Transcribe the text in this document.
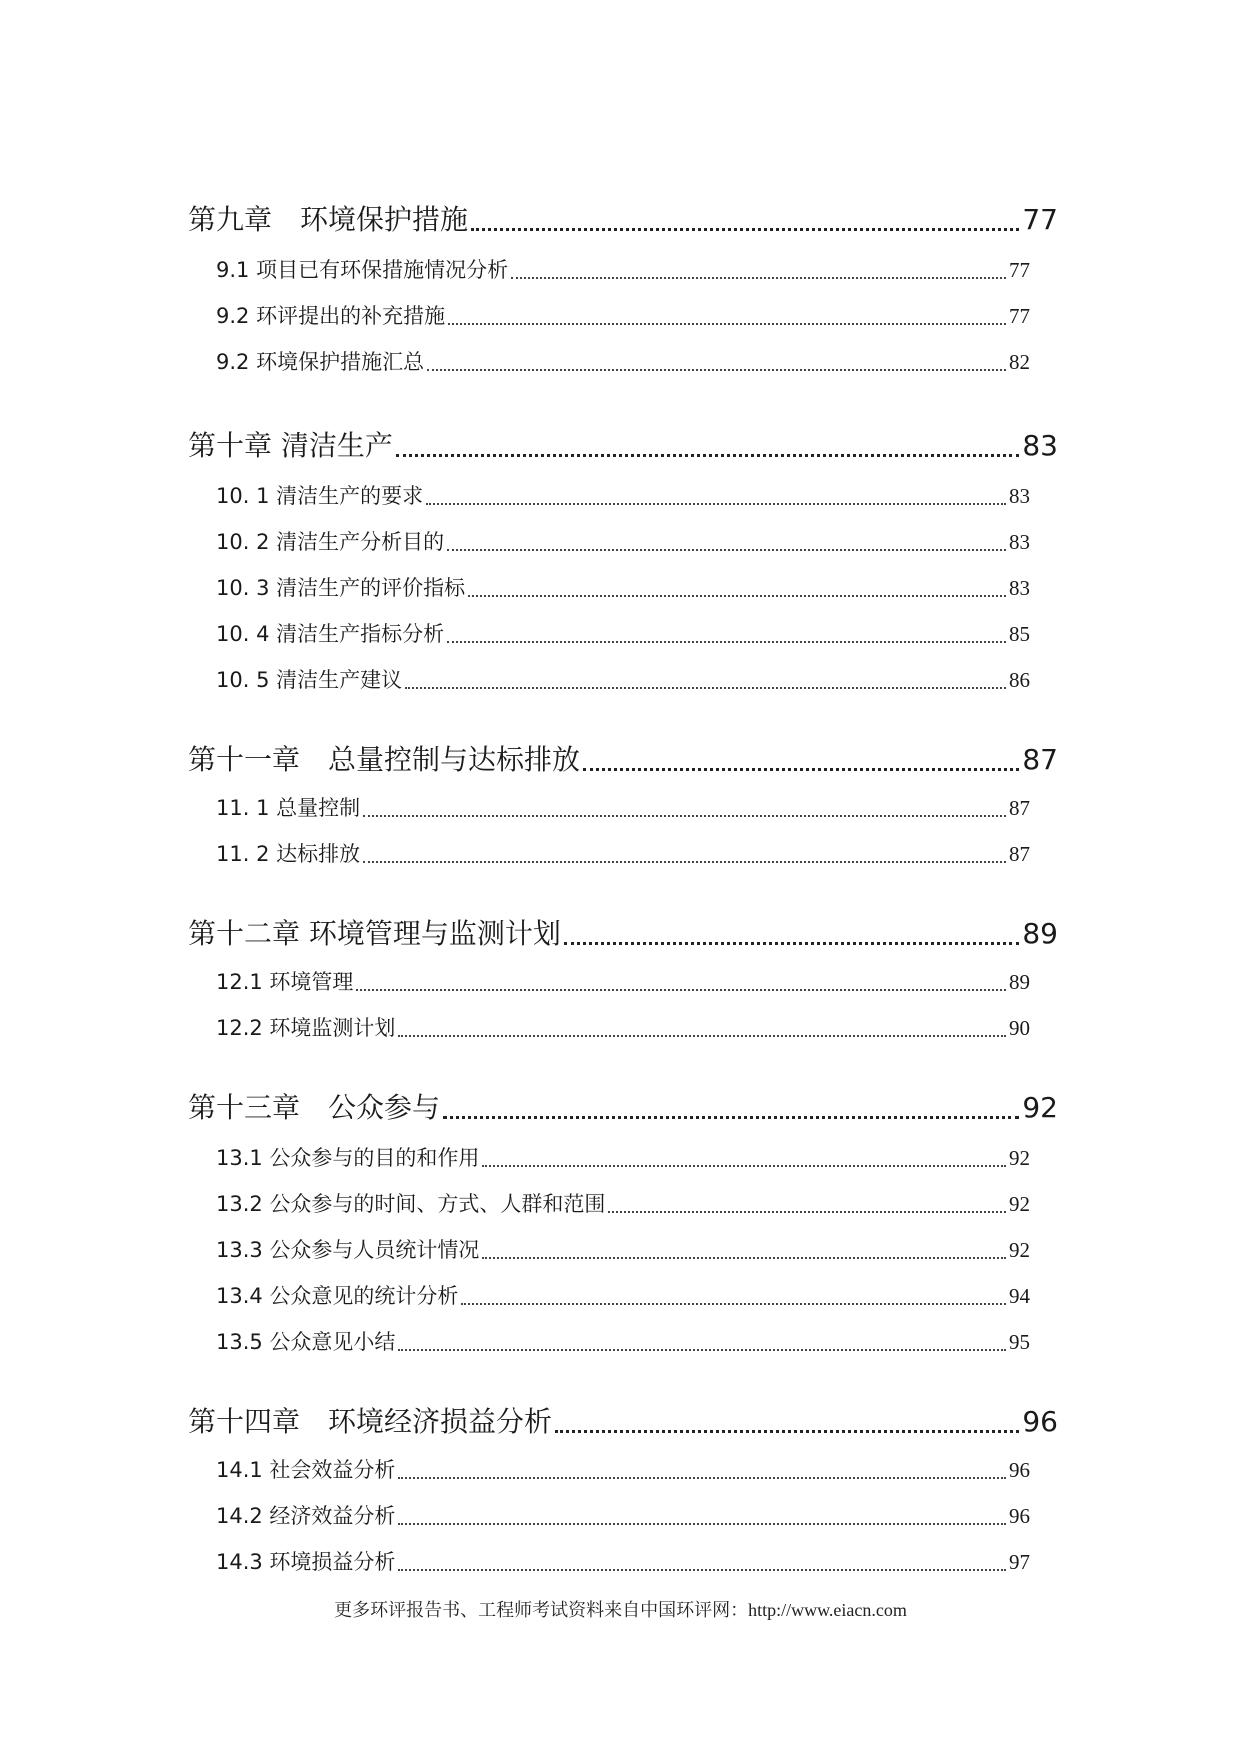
第九章　环境保护措施	77
9.1 项目已有环保措施情况分析	77
9.2 环评提出的补充措施	77
9.2 环境保护措施汇总	82
第十章 清洁生产	83
10. 1 清洁生产的要求	83
10. 2 清洁生产分析目的	83
10. 3 清洁生产的评价指标	83
10. 4 清洁生产指标分析	85
10. 5 清洁生产建议	86
第十一章　总量控制与达标排放	87
11. 1 总量控制	87
11. 2 达标排放	87
第十二章 环境管理与监测计划	89
12.1 环境管理	89
12.2 环境监测计划	90
第十三章　公众参与	92
13.1 公众参与的目的和作用	92
13.2 公众参与的时间、方式、人群和范围	92
13.3 公众参与人员统计情况	92
13.4 公众意见的统计分析	94
13.5 公众意见小结	95
第十四章　环境经济损益分析	96
14.1 社会效益分析	96
14.2 经济效益分析	96
14.3 环境损益分析	97
更多环评报告书、工程师考试资料来自中国环评网：http://www.eiacn.com
